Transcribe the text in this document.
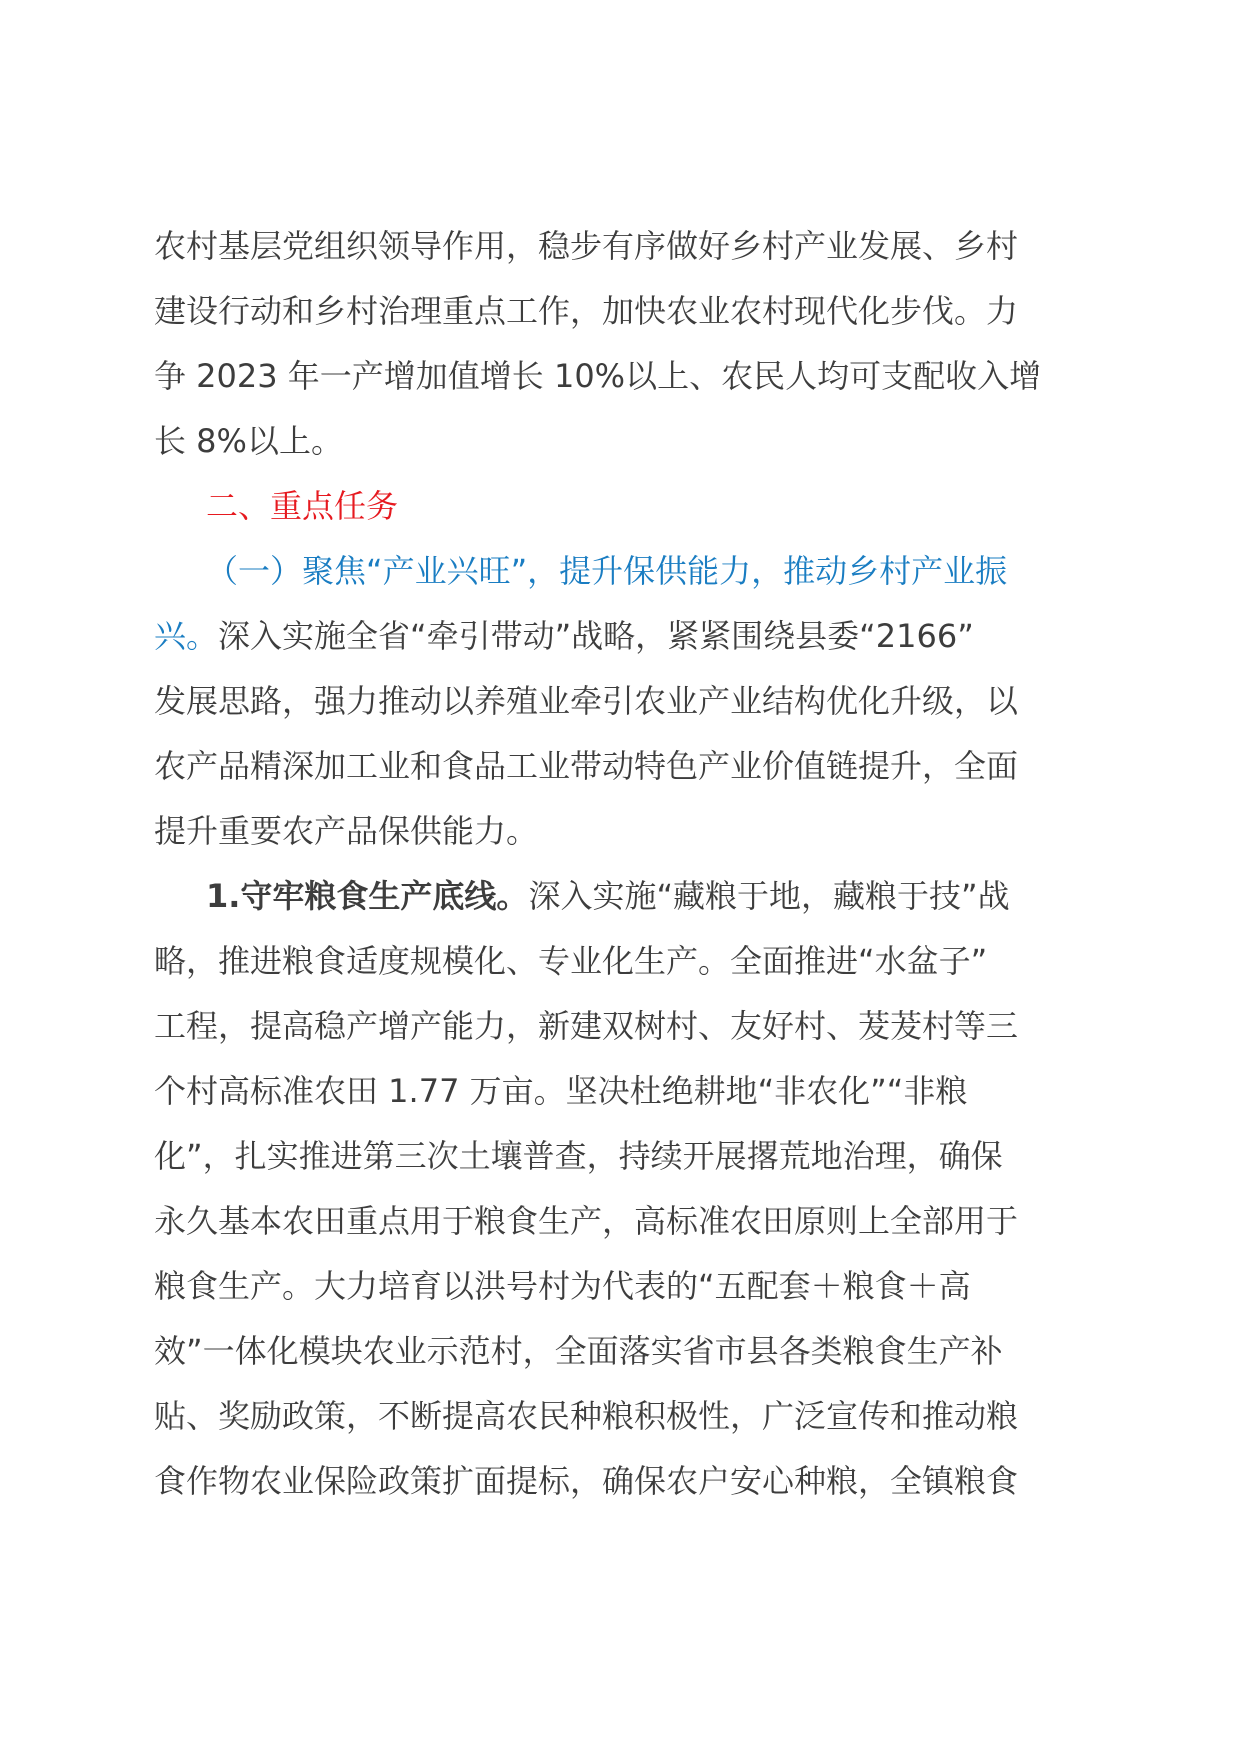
农村基层党组织领导作用，稳步有序做好乡村产业发展、乡村
建设行动和乡村治理重点工作，加快农业农村现代化步伐。力
争 2023 年一产增加值增长 10%以上、农民人均可支配收入增
长 8%以上。
二、重点任务
（一）聚焦“产业兴旺”，提升保供能力，推动乡村产业振
兴。深入实施全省“牵引带动”战略，紧紧围绕县委“2166”
发展思路，强力推动以养殖业牵引农业产业结构优化升级，以
农产品精深加工业和食品工业带动特色产业价值链提升，全面
提升重要农产品保供能力。
1.守牢粮食生产底线。深入实施“藏粮于地，藏粮于技”战
略，推进粮食适度规模化、专业化生产。全面推进“水盆子”
工程，提高稳产增产能力，新建双树村、友好村、茇茇村等三
个村高标准农田 1.77 万亩。坚决杜绝耕地“非农化”“非粮
化”，扎实推进第三次土壤普查，持续开展撂荒地治理，确保
永久基本农田重点用于粮食生产，高标准农田原则上全部用于
粮食生产。大力培育以洪号村为代表的“五配套＋粮食＋高
效”一体化模块农业示范村，全面落实省市县各类粮食生产补
贴、奖励政策，不断提高农民种粮积极性，广泛宣传和推动粮
食作物农业保险政策扩面提标，确保农户安心种粮，全镇粮食
